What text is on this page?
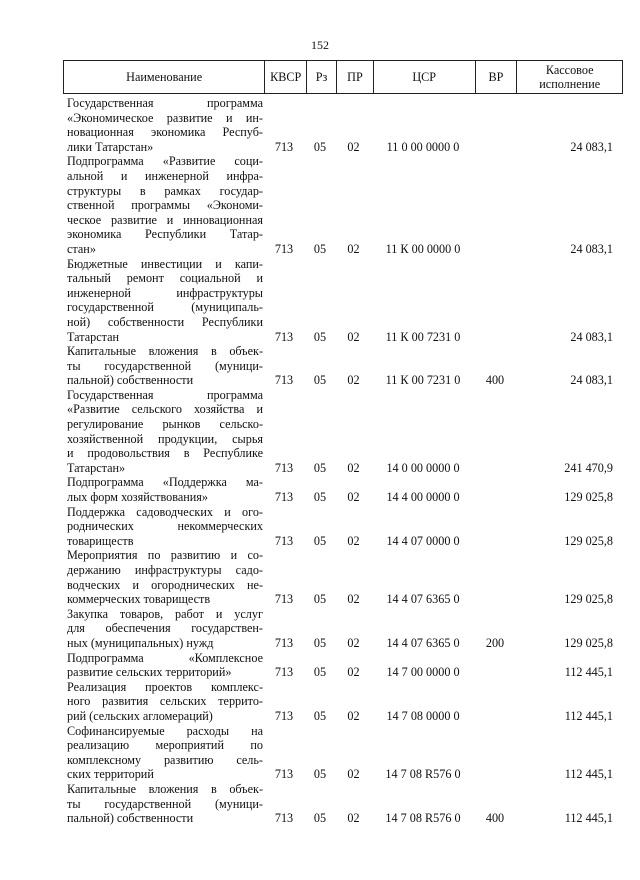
152
Наименование	КВСР	Рз	ПР	ЦСР	ВР	Кассовое
исполнение
Государственная программа
«Экономическое развитие и ин-
новационная экономика Респуб-
лики Татарстан»	713	05	02	11 0 00 0000 0	24 083,1
Подпрограмма «Развитие соци-
альной и инженерной инфра-
структуры в рамках государ-
ственной программы «Экономи-
ческое развитие и инновационная
экономика Республики Татар-
стан»	713	05	02	11 К 00 0000 0	24 083,1
Бюджетные инвестиции и капи-
тальный ремонт социальной и
инженерной инфраструктуры
государственной (муниципаль-
ной) собственности Республики
Татарстан	713	05	02	11 К 00 7231 0	24 083,1
Капитальные вложения в объек-
ты государственной (муници-
пальной) собственности	713	05	02	11 К 00 7231 0	400	24 083,1
Государственная программа
«Развитие сельского хозяйства и
регулирование рынков сельско-
хозяйственной продукции, сырья
и продовольствия в Республике
Татарстан»	713	05	02	14 0 00 0000 0	241 470,9
Подпрограмма «Поддержка ма-
лых форм хозяйствования»	713	05	02	14 4 00 0000 0	129 025,8
Поддержка садоводческих и ого-
роднических некоммерческих
товариществ	713	05	02	14 4 07 0000 0	129 025,8
Мероприятия по развитию и со-
держанию инфраструктуры садо-
водческих и огороднических не-
коммерческих товариществ	713	05	02	14 4 07 6365 0	129 025,8
Закупка товаров, работ и услуг
для обеспечения государствен-
ных (муниципальных) нужд	713	05	02	14 4 07 6365 0	200	129 025,8
Подпрограмма «Комплексное
развитие сельских территорий»	713	05	02	14 7 00 0000 0	112 445,1
Реализация проектов комплекс-
ного развития сельских террито-
рий (сельских агломераций)	713	05	02	14 7 08 0000 0	112 445,1
Софинансируемые расходы на
реализацию мероприятий по
комплексному развитию сель-
ских территорий	713	05	02	14 7 08 R576 0	112 445,1
Капитальные вложения в объек-
ты государственной (муници-
пальной) собственности	713	05	02	14 7 08 R576 0	400	112 445,1
